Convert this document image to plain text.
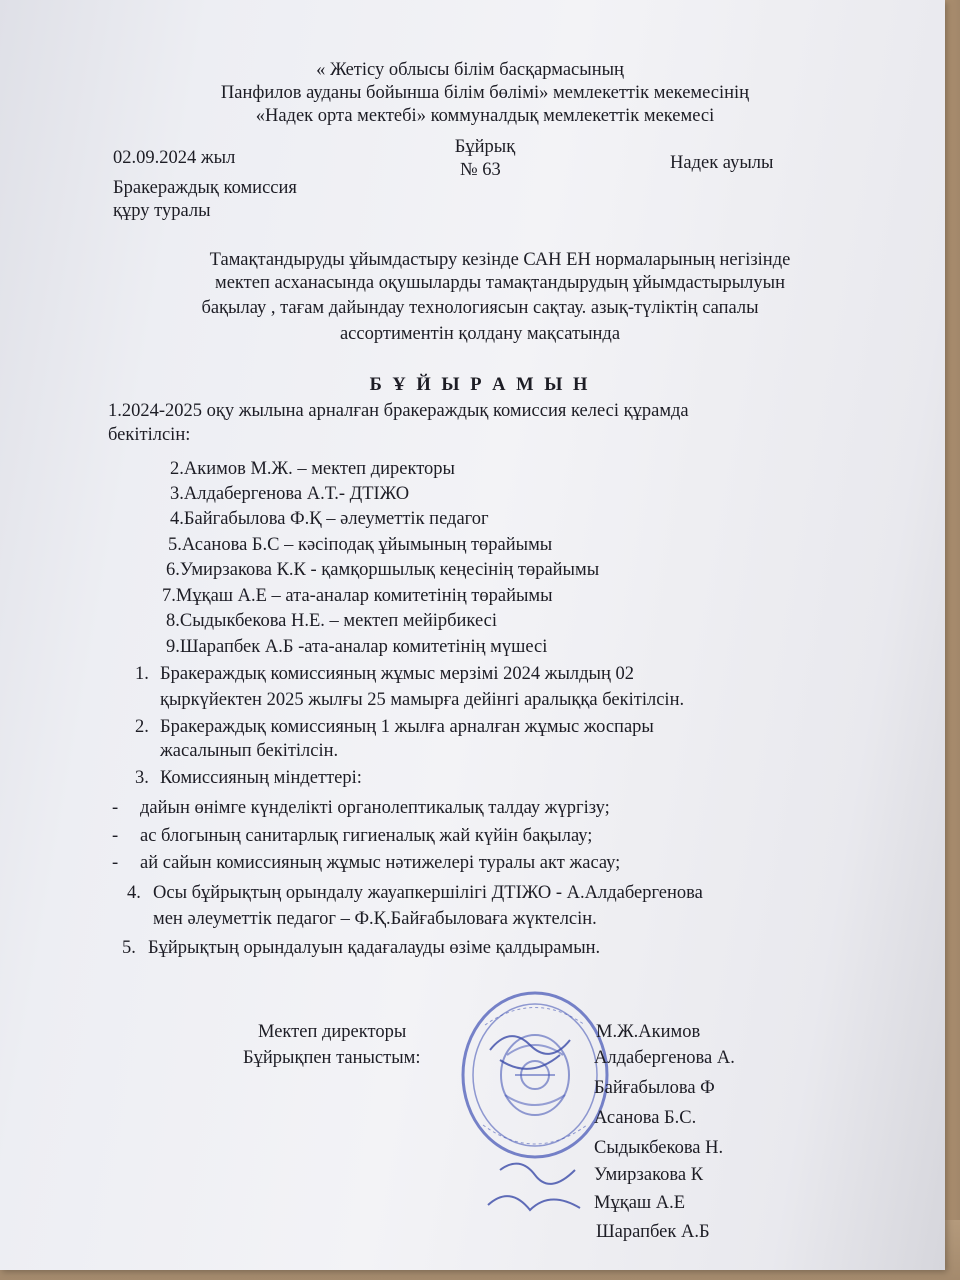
« Жетісу облысы білім басқармасының

Панфилов ауданы бойынша білім бөлімі» мемлекеттік мекемесінің

«Надек орта мектебі» коммуналдық мемлекеттік мекемесі

Бұйрық

02.09.2024 жыл

№ 63	Надек ауылы

Бракераждық комиссия

құру туралы

Тамақтандыруды ұйымдастыру кезінде САН ЕН нормаларының негізінде

мектеп асханасында оқушыларды тамақтандырудың ұйымдастырылуын

бақылау , тағам дайындау технологиясын сақтау. азық-түліктің сапалы

ассортиментін қолдану мақсатында

Б Ұ Й Ы Р А М Ы Н

1.2024-2025 оқу жылына арналған бракераждық комиссия келесі құрамда

бекітілсін:

2.Акимов М.Ж. – мектеп директоры

3.Алдабергенова А.Т.- ДТІЖО

4.Байгабылова Ф.Қ – әлеуметтік педагог

5.Асанова Б.С – кәсіподақ ұйымының төрайымы

6.Умирзакова К.К - қамқоршылық кеңесінің төрайымы

7.Мұқаш А.Е – ата-аналар комитетінің төрайымы

8.Сыдыкбекова Н.Е. – мектеп мейірбикесі

9.Шарапбек А.Б -ата-аналар комитетінің мүшесі

1. Бракераждық комиссияның жұмыс мерзімі 2024 жылдың 02

қыркүйектен 2025 жылғы 25 мамырға дейінгі аралыққа бекітілсін.

2. Бракераждық комиссияның 1 жылға арналған жұмыс жоспары

жасалынып бекітілсін.

3. Комиссияның міндеттері:

- дайын өнімге күнделікті органолептикалық талдау жүргізу;

- ас блогының санитарлық гигиеналық жай күйін бақылау;

- ай сайын комиссияның жұмыс нәтижелері туралы акт жасау;

4. Осы бұйрықтың орындалу жауапкершілігі ДТІЖО - А.Алдабергенова

мен әлеуметтік педагог – Ф.Қ.Байғабыловаға жүктелсін.

5. Бұйрықтың орындалуын қадағалауды өзіме қалдырамын.

Мектеп директоры

Бұйрықпен таныстым:

М.Ж.Акимов

Алдабергенова А.

Байғабылова Ф

Асанова Б.С.

Сыдыкбекова Н.

Умирзакова К

Мұқаш А.Е

Шарапбек А.Б
